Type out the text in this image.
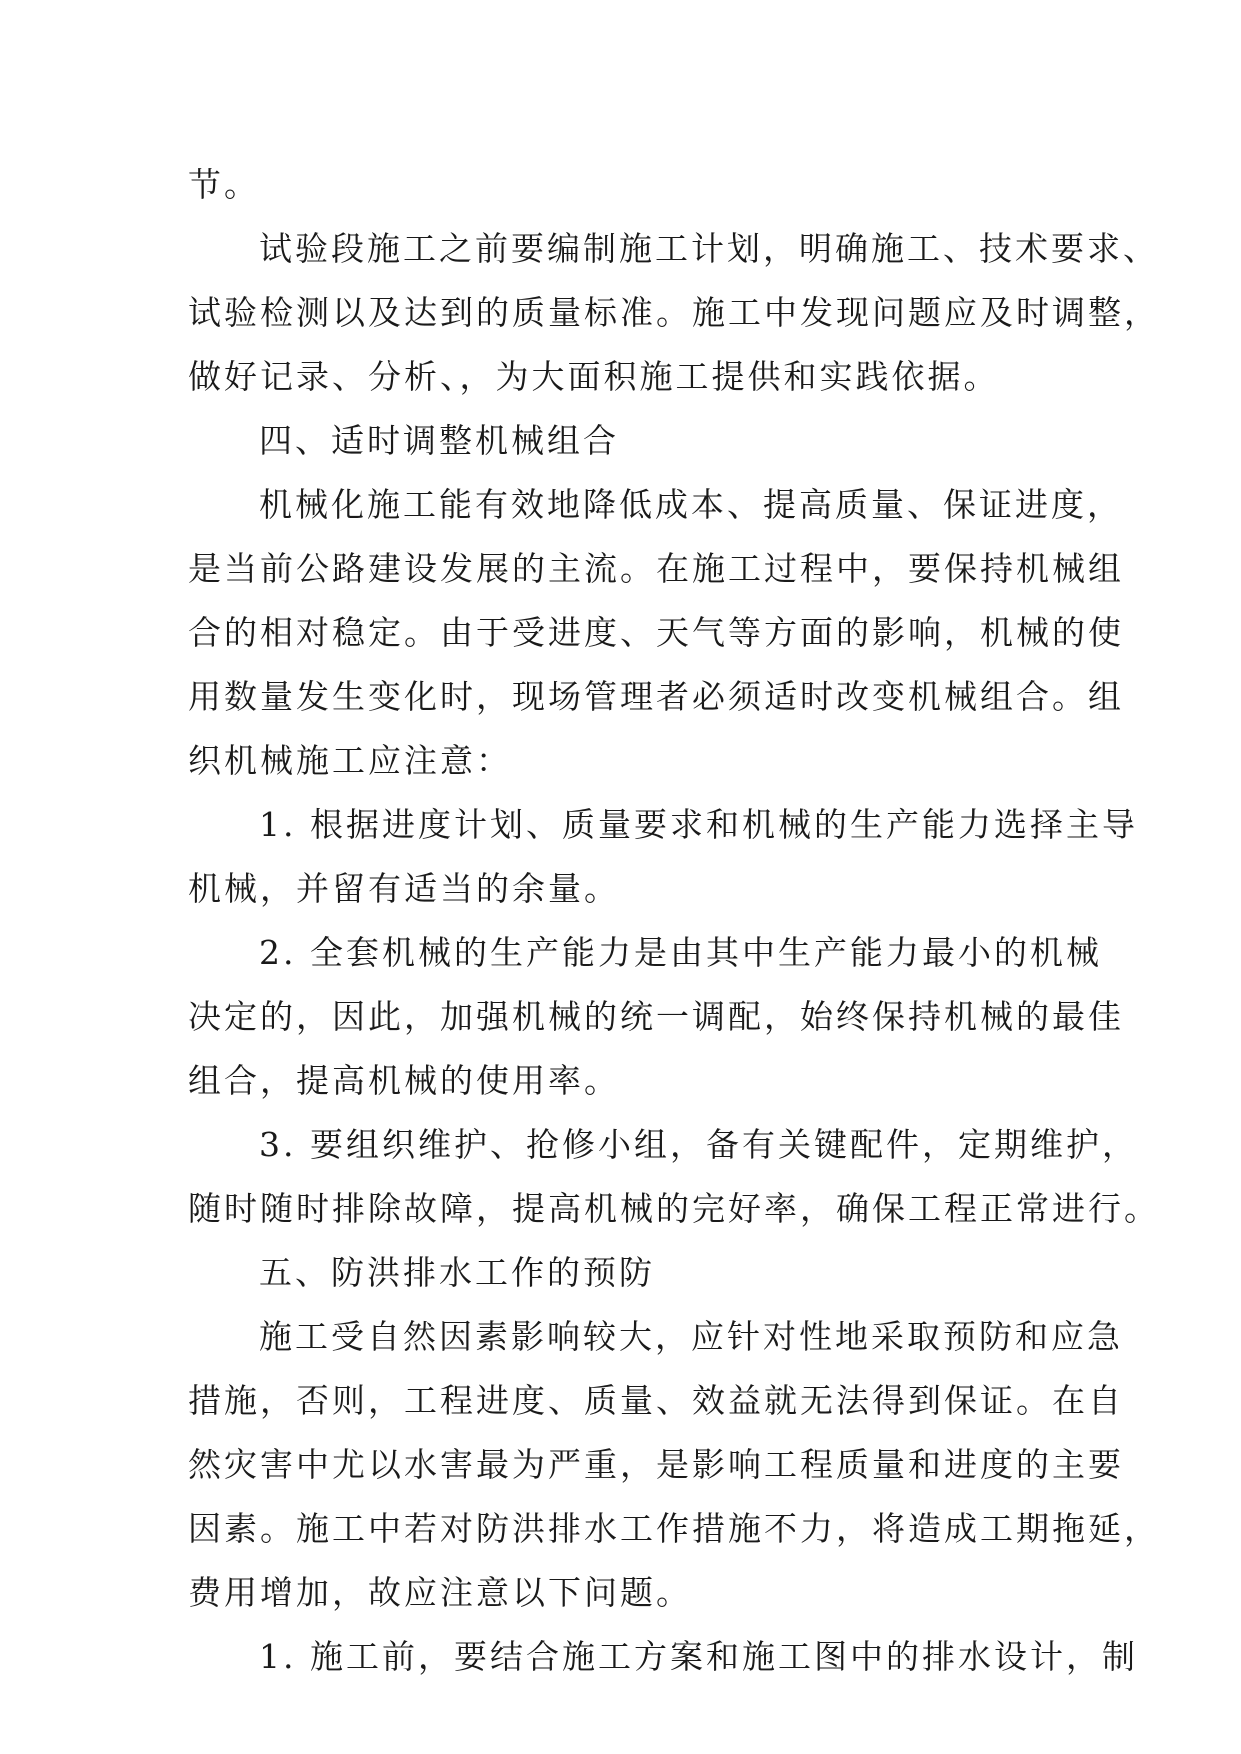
节。
试验段施工之前要编制施工计划，明确施工、技术要求、
试验检测以及达到的质量标准。施工中发现问题应及时调整，
做好记录、分析、，为大面积施工提供和实践依据。
四、适时调整机械组合
机械化施工能有效地降低成本、提高质量、保证进度，
是当前公路建设发展的主流。在施工过程中，要保持机械组
合的相对稳定。由于受进度、天气等方面的影响，机械的使
用数量发生变化时，现场管理者必须适时改变机械组合。组
织机械施工应注意：
1. 根据进度计划、质量要求和机械的生产能力选择主导
机械，并留有适当的余量。
2. 全套机械的生产能力是由其中生产能力最小的机械
决定的，因此，加强机械的统一调配，始终保持机械的最佳
组合，提高机械的使用率。
3. 要组织维护、抢修小组，备有关键配件，定期维护，
随时随时排除故障，提高机械的完好率，确保工程正常进行。
五、防洪排水工作的预防
施工受自然因素影响较大，应针对性地采取预防和应急
措施，否则，工程进度、质量、效益就无法得到保证。在自
然灾害中尤以水害最为严重，是影响工程质量和进度的主要
因素。施工中若对防洪排水工作措施不力，将造成工期拖延，
费用增加，故应注意以下问题。
1. 施工前，要结合施工方案和施工图中的排水设计，制
